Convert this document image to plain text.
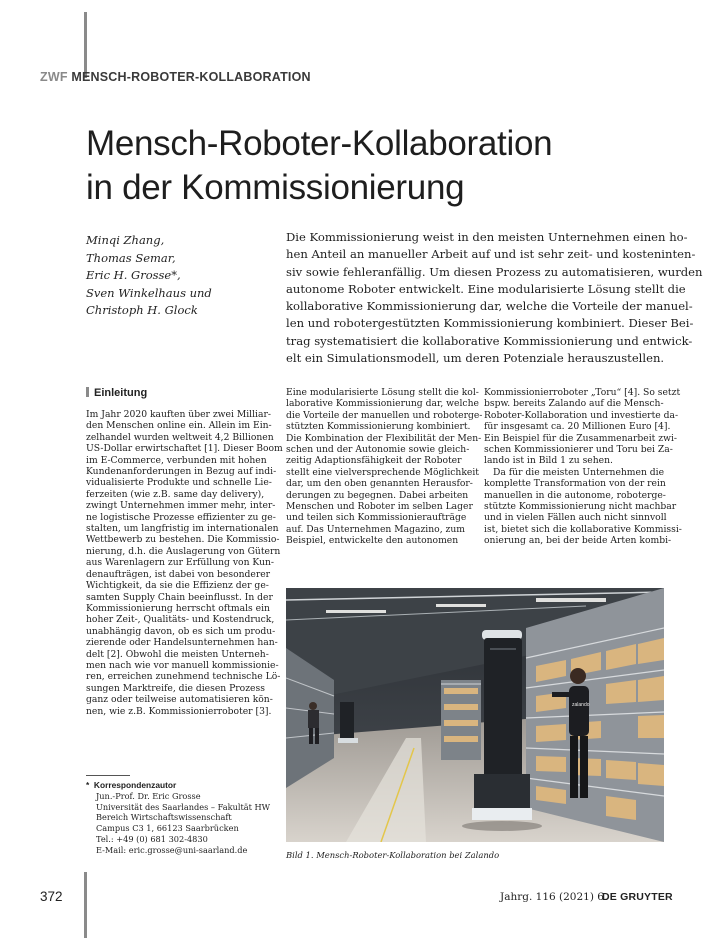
ZWF MENSCH-ROBOTER-KOLLABORATION
Mensch-Roboter-Kollaboration
in der Kommissionierung
Minqi Zhang,
Thomas Semar,
Eric H. Grosse*,
Sven Winkelhaus und
Christoph H. Glock
Die Kommissionierung weist in den meisten Unternehmen einen ho-
hen Anteil an manueller Arbeit auf und ist sehr zeit- und kosteninten-
siv sowie fehleranfällig. Um diesen Prozess zu automatisieren, wurden
autonome Roboter entwickelt. Eine modularisierte Lösung stellt die
kollaborative Kommissionierung dar, welche die Vorteile der manuel-
len und robotergestützten Kommissionierung kombiniert. Dieser Bei-
trag systematisiert die kollaborative Kommissionierung und entwick-
elt ein Simulationsmodell, um deren Potenziale herauszustellen.
Einleitung
Im Jahr 2020 kauften über zwei Milliar-
den Menschen online ein. Allein im Ein-
zelhandel wurden weltweit 4,2 Billionen
US-Dollar erwirtschaftet [1]. Dieser Boom
im E-Commerce, verbunden mit hohen
Kundenanforderungen in Bezug auf indi-
vidualisierte Produkte und schnelle Lie-
ferzeiten (wie z.B. same day delivery),
zwingt Unternehmen immer mehr, inter-
ne logistische Prozesse effizienter zu ge-
stalten, um langfristig im internationalen
Wettbewerb zu bestehen. Die Kommissio-
nierung, d.h. die Auslagerung von Gütern
aus Warenlagern zur Erfüllung von Kun-
denaufträgen, ist dabei von besonderer
Wichtigkeit, da sie die Effizienz der ge-
samten Supply Chain beeinflusst. In der
Kommissionierung herrscht oftmals ein
hoher Zeit-, Qualitäts- und Kostendruck,
unabhängig davon, ob es sich um produ-
zierende oder Handelsunternehmen han-
delt [2]. Obwohl die meisten Unterneh-
men nach wie vor manuell kommissionie-
ren, erreichen zunehmend technische Lö-
sungen Marktreife, die diesen Prozess
ganz oder teilweise automatisieren kön-
nen, wie z.B. Kommissionierroboter [3].
Eine modularisierte Lösung stellt die kol-
laborative Kommissionierung dar, welche
die Vorteile der manuellen und roboterge-
stützten Kommissionierung kombiniert.
Die Kombination der Flexibilität der Men-
schen und der Autonomie sowie gleich-
zeitig Adaptionsfähigkeit der Roboter
stellt eine vielversprechende Möglichkeit
dar, um den oben genannten Herausfor-
derungen zu begegnen. Dabei arbeiten
Menschen und Roboter im selben Lager
und teilen sich Kommissionieraufträge
auf. Das Unternehmen Magazino, zum
Beispiel, entwickelte den autonomen
Kommissionierroboter „Toru“ [4]. So setzt
bspw. bereits Zalando auf die Mensch-
Roboter-Kollaboration und investierte da-
für insgesamt ca. 20 Millionen Euro [4].
Ein Beispiel für die Zusammenarbeit zwi-
schen Kommissionierer und Toru bei Za-
lando ist in Bild 1 zu sehen.
Da für die meisten Unternehmen die
komplette Transformation von der rein
manuellen in die autonome, roboterge-
stützte Kommissionierung nicht machbar
und in vielen Fällen auch nicht sinnvoll
ist, bietet sich die kollaborative Kommissi-
onierung an, bei der beide Arten kombi-
* Korrespondenzautor
Jun.-Prof. Dr. Eric Grosse
Universität des Saarlandes – Fakultät HW
Bereich Wirtschaftswissenschaft
Campus C3 1, 66123 Saarbrücken
Tel.: +49 (0) 681 302-4830
E-Mail: eric.grosse@uni-saarland.de
zalando
Bild 1. Mensch-Roboter-Kollaboration bei Zalando
372	Jahrg. 116 (2021) 6
DE GRUYTER
